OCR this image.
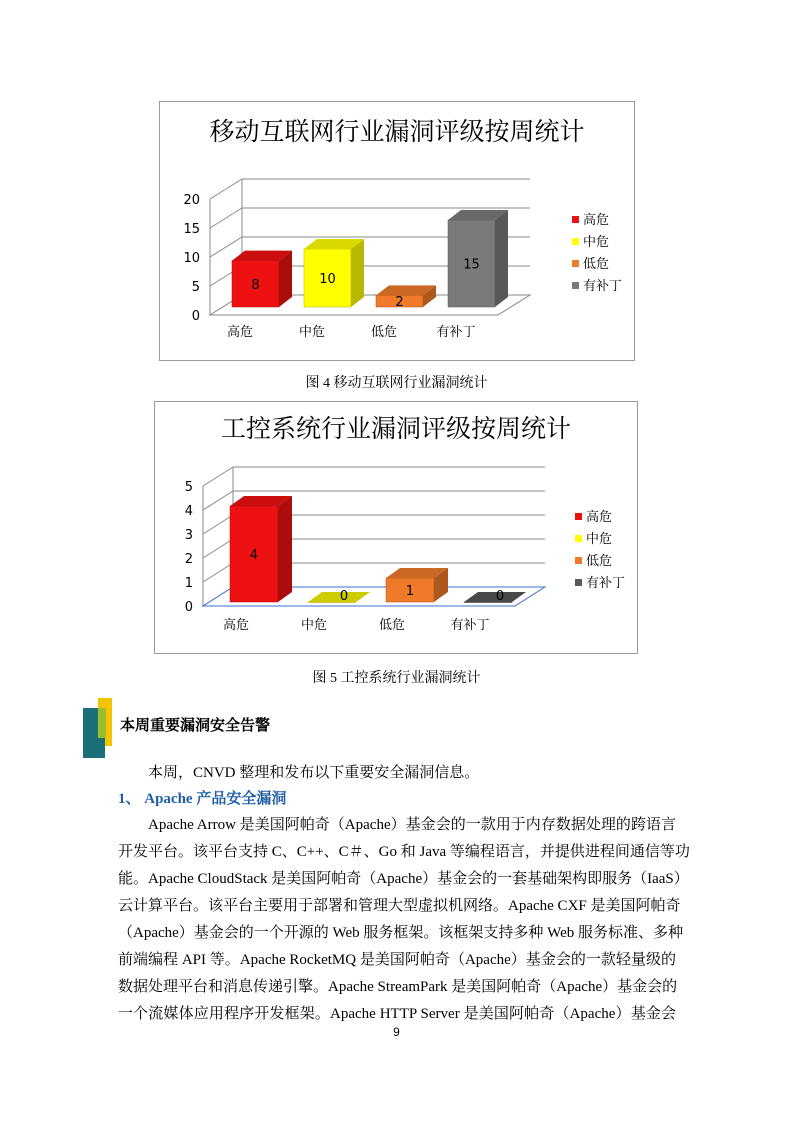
移动互联网行业漏洞评级按周统计
0
5
10
15
20
8
高危
10
中危
2
低危
15
有补丁
高危
中危
低危
有补丁
图 4 移动互联网行业漏洞统计
工控系统行业漏洞评级按周统计
0
1
2
3
4
5
4
高危
0
中危
1
低危
0
有补丁
高危
中危
低危
有补丁
图 5 工控系统行业漏洞统计
本周重要漏洞安全告警
本周，CNVD 整理和发布以下重要安全漏洞信息。
1、 Apache 产品安全漏洞
Apache Arrow 是美国阿帕奇（Apache）基金会的一款用于内存数据处理的跨语言
开发平台。该平台支持 C、C++、C＃、Go 和 Java 等编程语言，并提供进程间通信等功
能。Apache CloudStack 是美国阿帕奇（Apache）基金会的一套基础架构即服务（IaaS）
云计算平台。该平台主要用于部署和管理大型虚拟机网络。Apache CXF 是美国阿帕奇
（Apache）基金会的一个开源的 Web 服务框架。该框架支持多种 Web 服务标准、多种
前端编程 API 等。Apache RocketMQ 是美国阿帕奇（Apache）基金会的一款轻量级的
数据处理平台和消息传递引擎。Apache StreamPark 是美国阿帕奇（Apache）基金会的
一个流媒体应用程序开发框架。Apache HTTP Server 是美国阿帕奇（Apache）基金会
9
